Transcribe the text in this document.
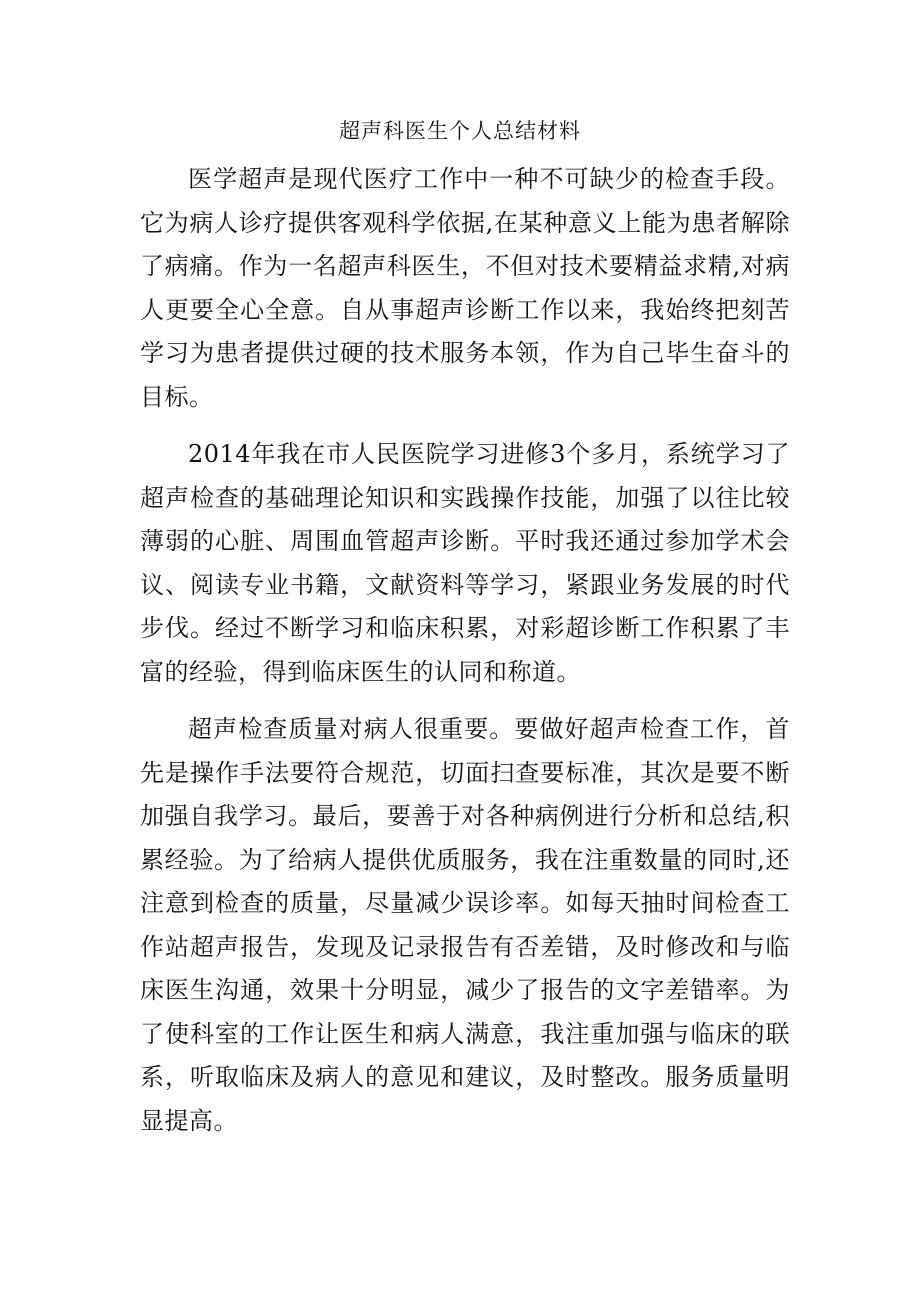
超声科医生个人总结材料

医学超声是现代医疗工作中一种不可缺少的检查手段。它为病人诊疗提供客观科学依据,在某种意义上能为患者解除了病痛。作为一名超声科医生，不但对技术要精益求精,对病人更要全心全意。自从事超声诊断工作以来，我始终把刻苦学习为患者提供过硬的技术服务本领，作为自己毕生奋斗的目标。

2014年我在市人民医院学习进修3个多月，系统学习了超声检查的基础理论知识和实践操作技能，加强了以往比较薄弱的心脏、周围血管超声诊断。平时我还通过参加学术会议、阅读专业书籍，文献资料等学习，紧跟业务发展的时代步伐。经过不断学习和临床积累，对彩超诊断工作积累了丰富的经验，得到临床医生的认同和称道。

超声检查质量对病人很重要。要做好超声检查工作，首先是操作手法要符合规范，切面扫查要标准，其次是要不断加强自我学习。最后，要善于对各种病例进行分析和总结,积累经验。为了给病人提供优质服务，我在注重数量的同时,还注意到检查的质量，尽量减少误诊率。如每天抽时间检查工作站超声报告，发现及记录报告有否差错，及时修改和与临床医生沟通，效果十分明显，减少了报告的文字差错率。为了使科室的工作让医生和病人满意，我注重加强与临床的联系，听取临床及病人的意见和建议，及时整改。服务质量明显提高。
